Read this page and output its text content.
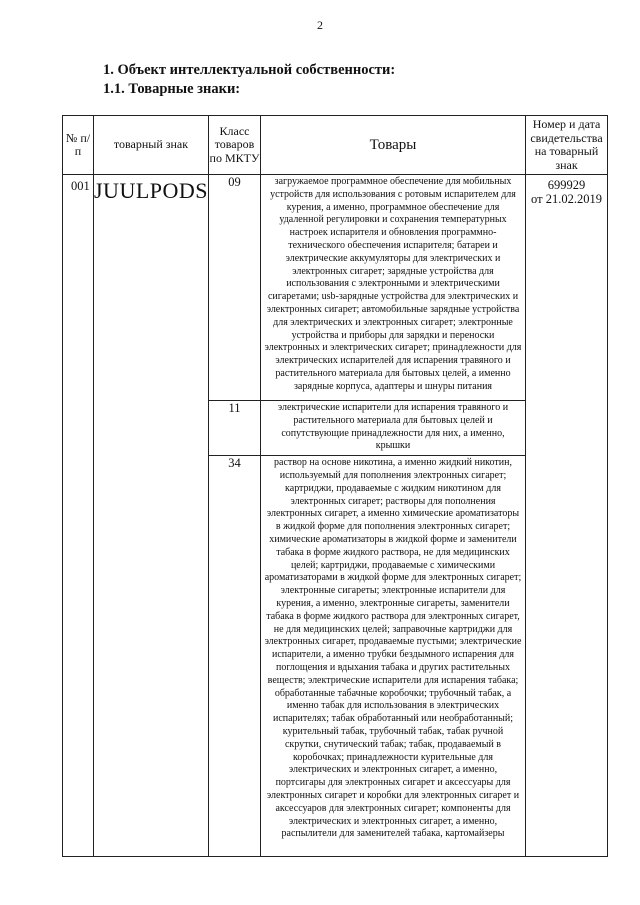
2
1. Объект интеллектуальной собственности:
1.1. Товарные знаки:
№ п/п	товарный знак	Класс товаров по МКТУ	Товары	Номер и дата свидетельства на товарный знак
001	JUULPODS	09	загружаемое программное обеспечение для мобильных устройств для использования с ротовым испарителем для курения, а именно, программное обеспечение для удаленной регулировки и сохранения температурных настроек испарителя и обновления программно-технического обеспечения испарителя; батареи и электрические аккумуляторы для электрических и электронных сигарет; зарядные устройства для использования с электронными и электрическими сигаретами; usb-зарядные устройства для электрических и электронных сигарет; автомобильные зарядные устройства для электрических и электронных сигарет; электронные устройства и приборы для зарядки и переноски электронных и электрических сигарет; принадлежности для электрических испарителей для испарения травяного и растительного материала для бытовых целей, а именно зарядные корпуса, адаптеры и шнуры питания	699929
от 21.02.2019

		11	электрические испарители для испарения травяного и растительного материала для бытовых целей и сопутствующие принадлежности для них, а именно, крышки	

		34	раствор на основе никотина, а именно жидкий никотин, используемый для пополнения электронных сигарет; картриджи, продаваемые с жидким никотином для электронных сигарет; растворы для пополнения электронных сигарет, а именно химические ароматизаторы в жидкой форме для пополнения электронных сигарет; химические ароматизаторы в жидкой форме и заменители табака в форме жидкого раствора, не для медицинских целей; картриджи, продаваемые с химическими ароматизаторами в жидкой форме для электронных сигарет; электронные сигареты; электронные испарители для курения, а именно, электронные сигареты, заменители табака в форме жидкого раствора для электронных сигарет, не для медицинских целей; заправочные картриджи для электронных сигарет, продаваемые пустыми; электрические испарители, а именно трубки бездымного испарения для поглощения и вдыхания табака и других растительных веществ; электрические испарители для испарения табака; обработанные табачные коробочки; трубочный табак, а именно табак для использования в электрических испарителях; табак обработанный или необработанный; курительный табак, трубочный табак, табак ручной скрутки, снутический табак; табак, продаваемый в коробочках; принадлежности курительные для электрических и электронных сигарет, а именно, портсигары для электронных сигарет и аксессуары для электронных сигарет и коробки для электронных сигарет и аксессуаров для электронных сигарет; компоненты для электрических и электронных сигарет, а именно, распылители для заменителей табака, картомайзеры	
